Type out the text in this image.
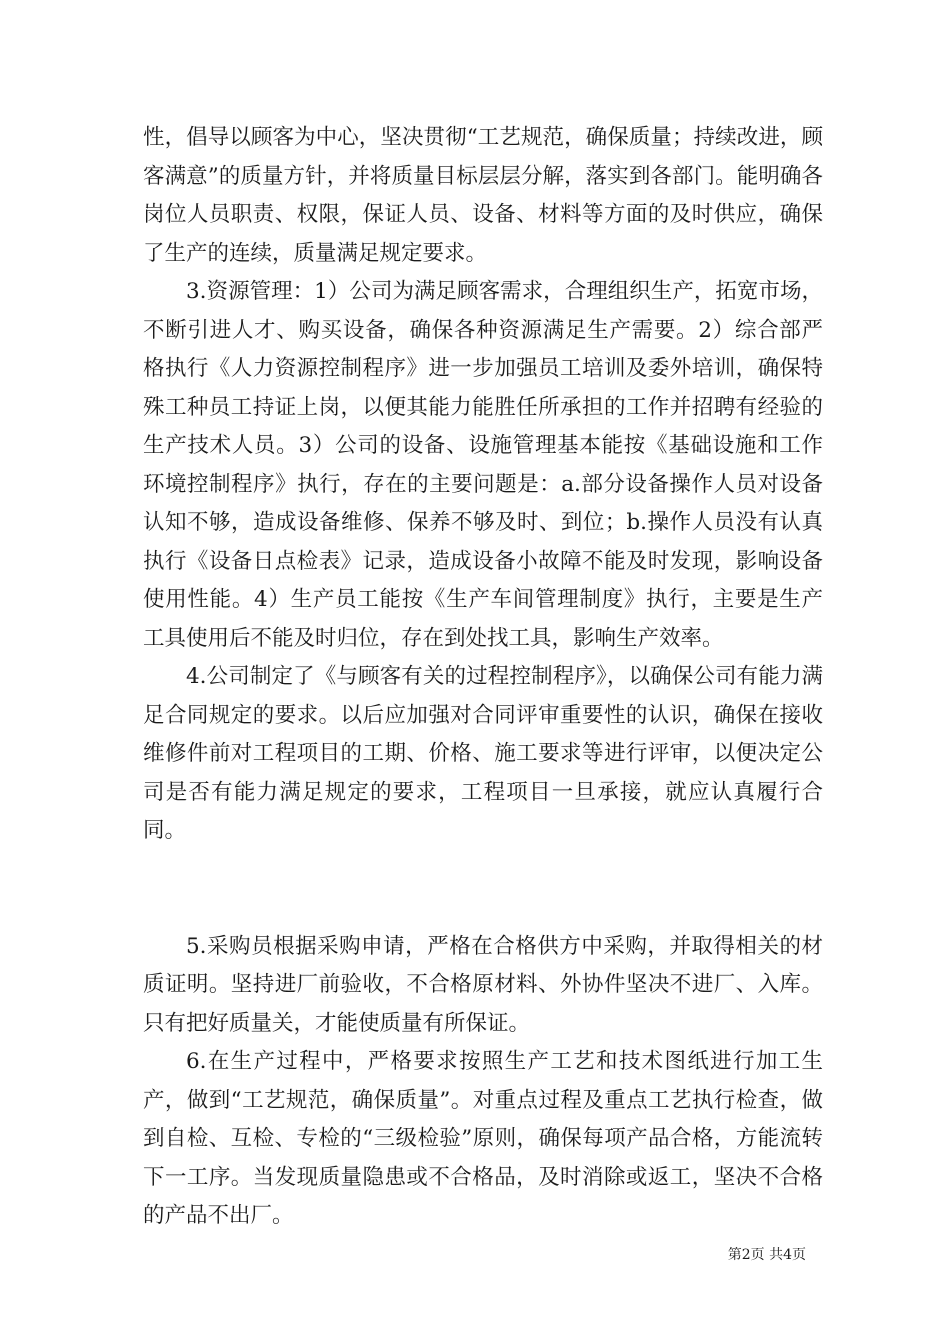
性，倡导以顾客为中心，坚决贯彻“工艺规范，确保质量；持续改进，顾客满意”的质量方针，并将质量目标层层分解，落实到各部门。能明确各岗位人员职责、权限，保证人员、设备、材料等方面的及时供应，确保了生产的连续，质量满足规定要求。

3.资源管理：1）公司为满足顾客需求，合理组织生产，拓宽市场，不断引进人才、购买设备，确保各种资源满足生产需要。2）综合部严格执行《人力资源控制程序》进一步加强员工培训及委外培训，确保特殊工种员工持证上岗，以便其能力能胜任所承担的工作并招聘有经验的生产技术人员。3）公司的设备、设施管理基本能按《基础设施和工作环境控制程序》执行，存在的主要问题是：a.部分设备操作人员对设备认知不够，造成设备维修、保养不够及时、到位；b.操作人员没有认真执行《设备日点检表》记录，造成设备小故障不能及时发现，影响设备使用性能。4）生产员工能按《生产车间管理制度》执行，主要是生产工具使用后不能及时归位，存在到处找工具，影响生产效率。

4.公司制定了《与顾客有关的过程控制程序》，以确保公司有能力满足合同规定的要求。以后应加强对合同评审重要性的认识，确保在接收维修件前对工程项目的工期、价格、施工要求等进行评审，以便决定公司是否有能力满足规定的要求，工程项目一旦承接，就应认真履行合同。

5.采购员根据采购申请，严格在合格供方中采购，并取得相关的材质证明。坚持进厂前验收，不合格原材料、外协件坚决不进厂、入库。只有把好质量关，才能使质量有所保证。

6.在生产过程中，严格要求按照生产工艺和技术图纸进行加工生产，做到“工艺规范，确保质量”。对重点过程及重点工艺执行检查，做到自检、互检、专检的“三级检验”原则，确保每项产品合格，方能流转下一工序。当发现质量隐患或不合格品，及时消除或返工，坚决不合格的产品不出厂。

第2页 共4页
